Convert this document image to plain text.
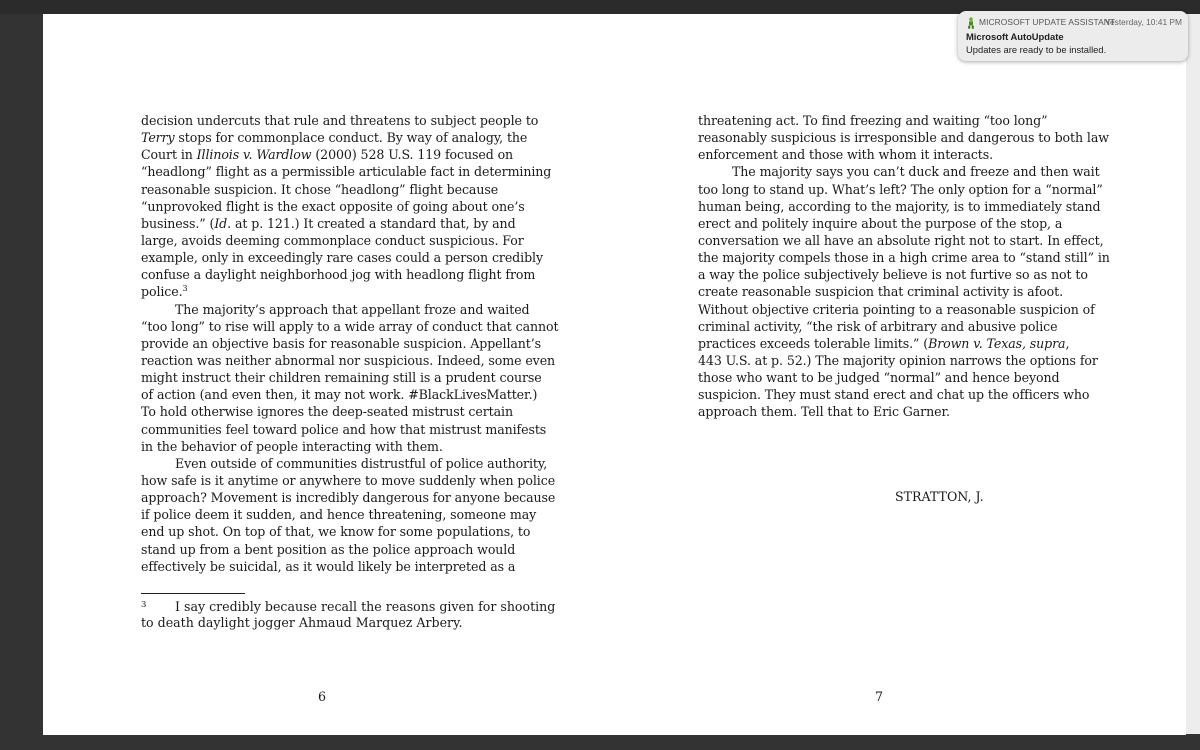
decision undercuts that rule and threatens to subject people to
Terry stops for commonplace conduct. By way of analogy, the
Court in Illinois v. Wardlow (2000) 528 U.S. 119 focused on
“headlong” flight as a permissible articulable fact in determining
reasonable suspicion. It chose “headlong” flight because
“unprovoked flight is the exact opposite of going about one’s
business.” (Id. at p. 121.) It created a standard that, by and
large, avoids deeming commonplace conduct suspicious. For
example, only in exceedingly rare cases could a person credibly
confuse a daylight neighborhood jog with headlong flight from
police.$^3$
The majority’s approach that appellant froze and waited
“too long” to rise will apply to a wide array of conduct that cannot
provide an objective basis for reasonable suspicion. Appellant’s
reaction was neither abnormal nor suspicious. Indeed, some even
might instruct their children remaining still is a prudent course
of action (and even then, it may not work. #BlackLivesMatter.)
To hold otherwise ignores the deep-seated mistrust certain
communities feel toward police and how that mistrust manifests
in the behavior of people interacting with them.
Even outside of communities distrustful of police authority,
how safe is it anytime or anywhere to move suddenly when police
approach? Movement is incredibly dangerous for anyone because
if police deem it sudden, and hence threatening, someone may
end up shot. On top of that, we know for some populations, to
stand up from a bent position as the police approach would
effectively be suicidal, as it would likely be interpreted as a
3	I say credibly because recall the reasons given for shooting
to death daylight jogger Ahmaud Marquez Arbery.
6
threatening act. To find freezing and waiting “too long”
reasonably suspicious is irresponsible and dangerous to both law
enforcement and those with whom it interacts.
The majority says you can’t duck and freeze and then wait
too long to stand up. What’s left? The only option for a “normal”
human being, according to the majority, is to immediately stand
erect and politely inquire about the purpose of the stop, a
conversation we all have an absolute right not to start. In effect,
the majority compels those in a high crime area to “stand still” in
a way the police subjectively believe is not furtive so as not to
create reasonable suspicion that criminal activity is afoot.
Without objective criteria pointing to a reasonable suspicion of
criminal activity, “the risk of arbitrary and abusive police
practices exceeds tolerable limits.” (Brown v. Texas, supra,
443 U.S. at p. 52.) The majority opinion narrows the options for
those who want to be judged “normal” and hence beyond
suspicion. They must stand erect and chat up the officers who
approach them. Tell that to Eric Garner.
STRATTON, J.
7
MICROSOFT UPDATE ASSISTANT
Yesterday, 10:41 PM
Microsoft AutoUpdate
Updates are ready to be installed.
